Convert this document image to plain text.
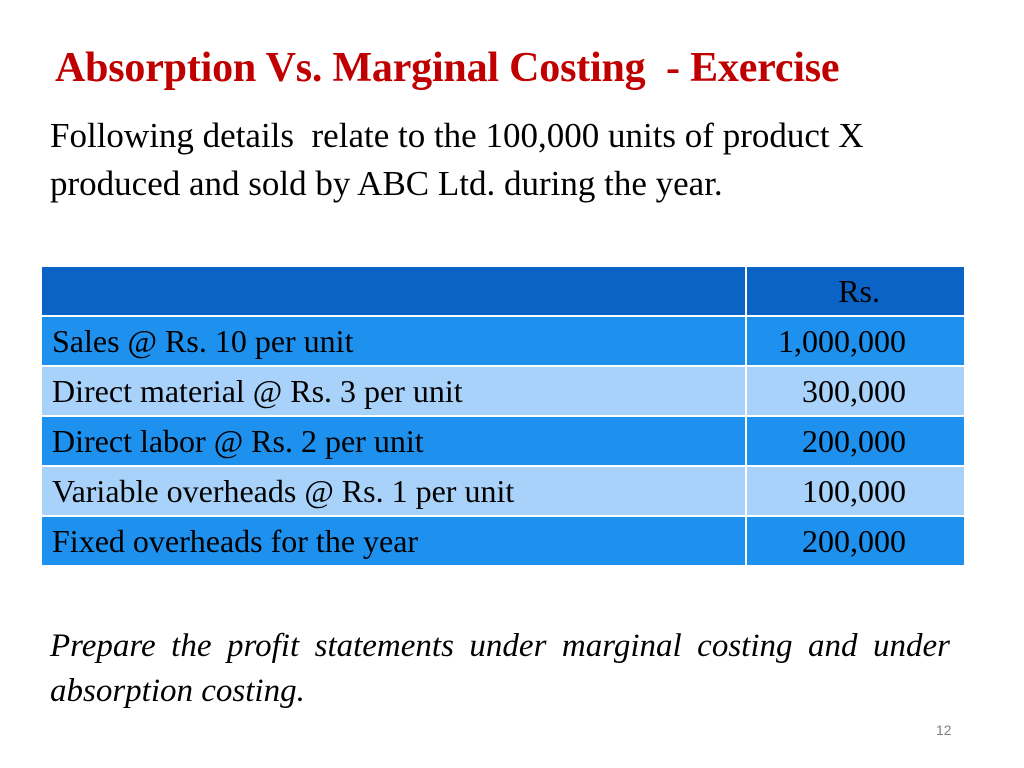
Absorption Vs. Marginal Costing  - Exercise

Following details  relate to the 100,000 units of product X produced and sold by ABC Ltd. during the year.

	Rs.
Sales @ Rs. 10 per unit	1,000,000
Direct material @ Rs. 3 per unit	300,000
Direct labor @ Rs. 2 per unit	200,000
Variable overheads @ Rs. 1 per unit	100,000
Fixed overheads for the year	200,000

Prepare the profit statements under marginal costing and under absorption costing.

12
